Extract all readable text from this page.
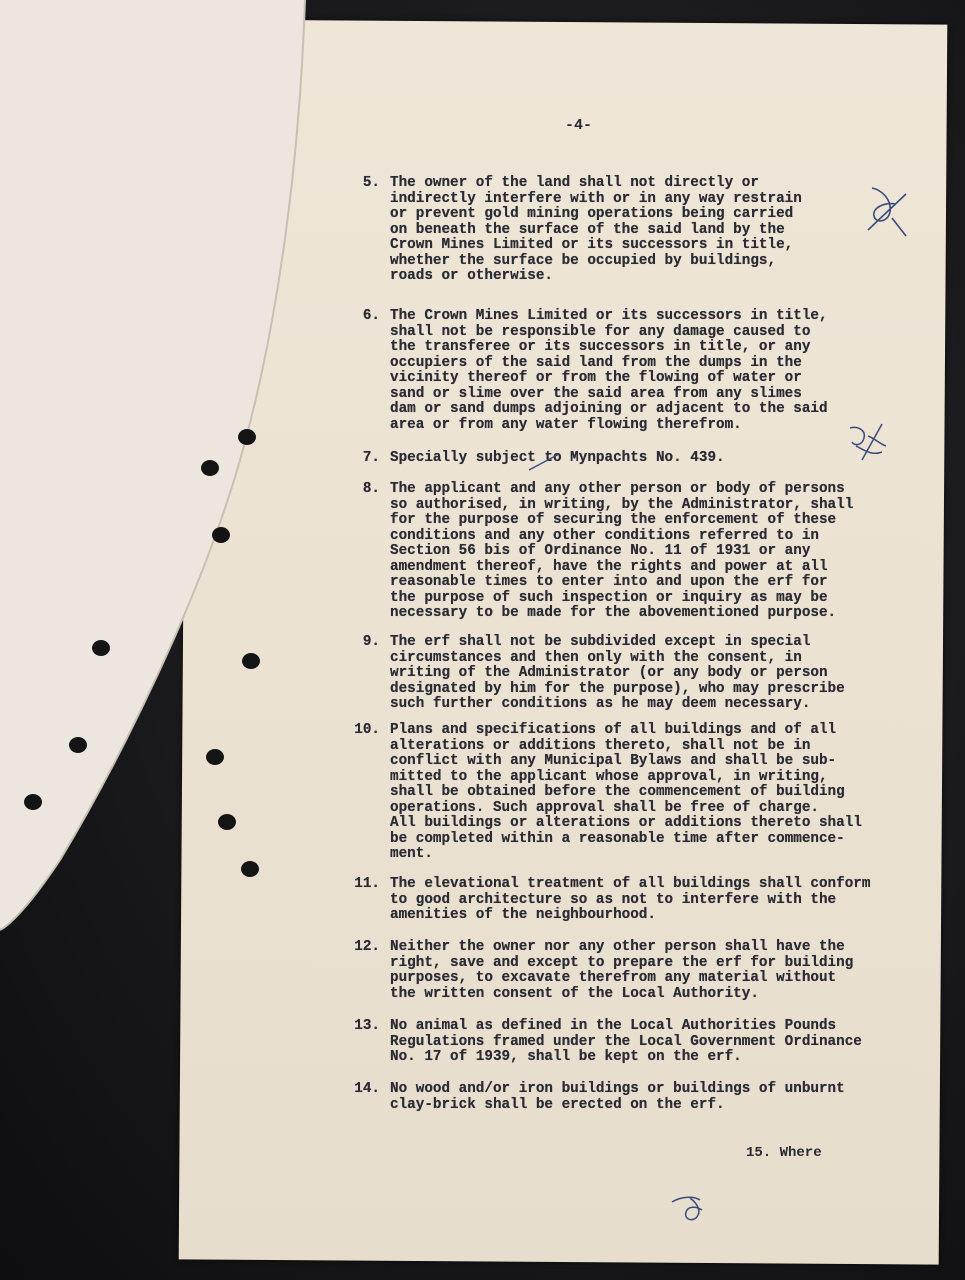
-4-
5. The owner of the land shall not directly or
indirectly interfere with or in any way restrain
or prevent gold mining operations being carried
on beneath the surface of the said land by the
Crown Mines Limited or its successors in title,
whether the surface be occupied by buildings,
roads or otherwise.
6. The Crown Mines Limited or its successors in title,
shall not be responsible for any damage caused to
the transferee or its successors in title, or any
occupiers of the said land from the dumps in the
vicinity thereof or from the flowing of water or
sand or slime over the said area from any slimes
dam or sand dumps adjoining or adjacent to the said
area or from any water flowing therefrom.
7. Specially subject to Mynpachts No. 439.
8. The applicant and any other person or body of persons
so authorised, in writing, by the Administrator, shall
for the purpose of securing the enforcement of these
conditions and any other conditions referred to in
Section 56 bis of Ordinance No. 11 of 1931 or any
amendment thereof, have the rights and power at all
reasonable times to enter into and upon the erf for
the purpose of such inspection or inquiry as may be
necessary to be made for the abovementioned purpose.
9. The erf shall not be subdivided except in special
circumstances and then only with the consent, in
writing of the Administrator (or any body or person
designated by him for the purpose), who may prescribe
such further conditions as he may deem necessary.
10. Plans and specifications of all buildings and of all
alterations or additions thereto, shall not be in
conflict with any Municipal Bylaws and shall be sub-
mitted to the applicant whose approval, in writing,
shall be obtained before the commencement of building
operations. Such approval shall be free of charge.
All buildings or alterations or additions thereto shall
be completed within a reasonable time after commence-
ment.
11. The elevational treatment of all buildings shall conform
to good architecture so as not to interfere with the
amenities of the neighbourhood.
12. Neither the owner nor any other person shall have the
right, save and except to prepare the erf for building
purposes, to excavate therefrom any material without
the written consent of the Local Authority.
13. No animal as defined in the Local Authorities Pounds
Regulations framed under the Local Government Ordinance
No. 17 of 1939, shall be kept on the erf.
14. No wood and/or iron buildings or buildings of unburnt
clay-brick shall be erected on the erf.
15. Where
